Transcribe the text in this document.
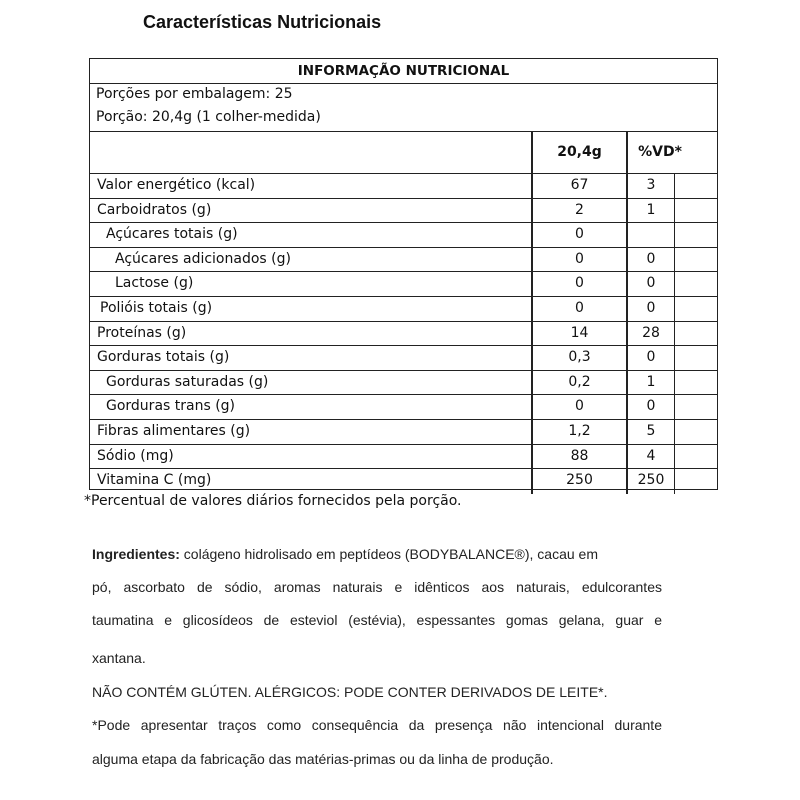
Características Nutricionais
INFORMAÇÃO NUTRICIONAL
Porções por embalagem: 25
Porção: 20,4g (1 colher-medida)
20,4g	%VD*
Valor energético (kcal)	67	3
Carboidratos (g)	2	1
Açúcares totais (g)	0
Açúcares adicionados (g)	0	0
Lactose (g)	0	0
Polióis totais (g)	0	0
Proteínas (g)	14	28
Gorduras totais (g)	0,3	0
Gorduras saturadas (g)	0,2	1
Gorduras trans (g)	0	0
Fibras alimentares (g)	1,2	5
Sódio (mg)	88	4
Vitamina C (mg)	250	250
*Percentual de valores diários fornecidos pela porção.
Ingredientes: colágeno hidrolisado em peptídeos (BODYBALANCE®), cacau em
pó, ascorbato de sódio, aromas naturais e idênticos aos naturais, edulcorantes
taumatina e glicosídeos de esteviol (estévia), espessantes gomas gelana, guar e
xantana.
NÃO CONTÉM GLÚTEN. ALÉRGICOS: PODE CONTER DERIVADOS DE LEITE*.
*Pode apresentar traços como consequência da presença não intencional durante
alguma etapa da fabricação das matérias-primas ou da linha de produção.
